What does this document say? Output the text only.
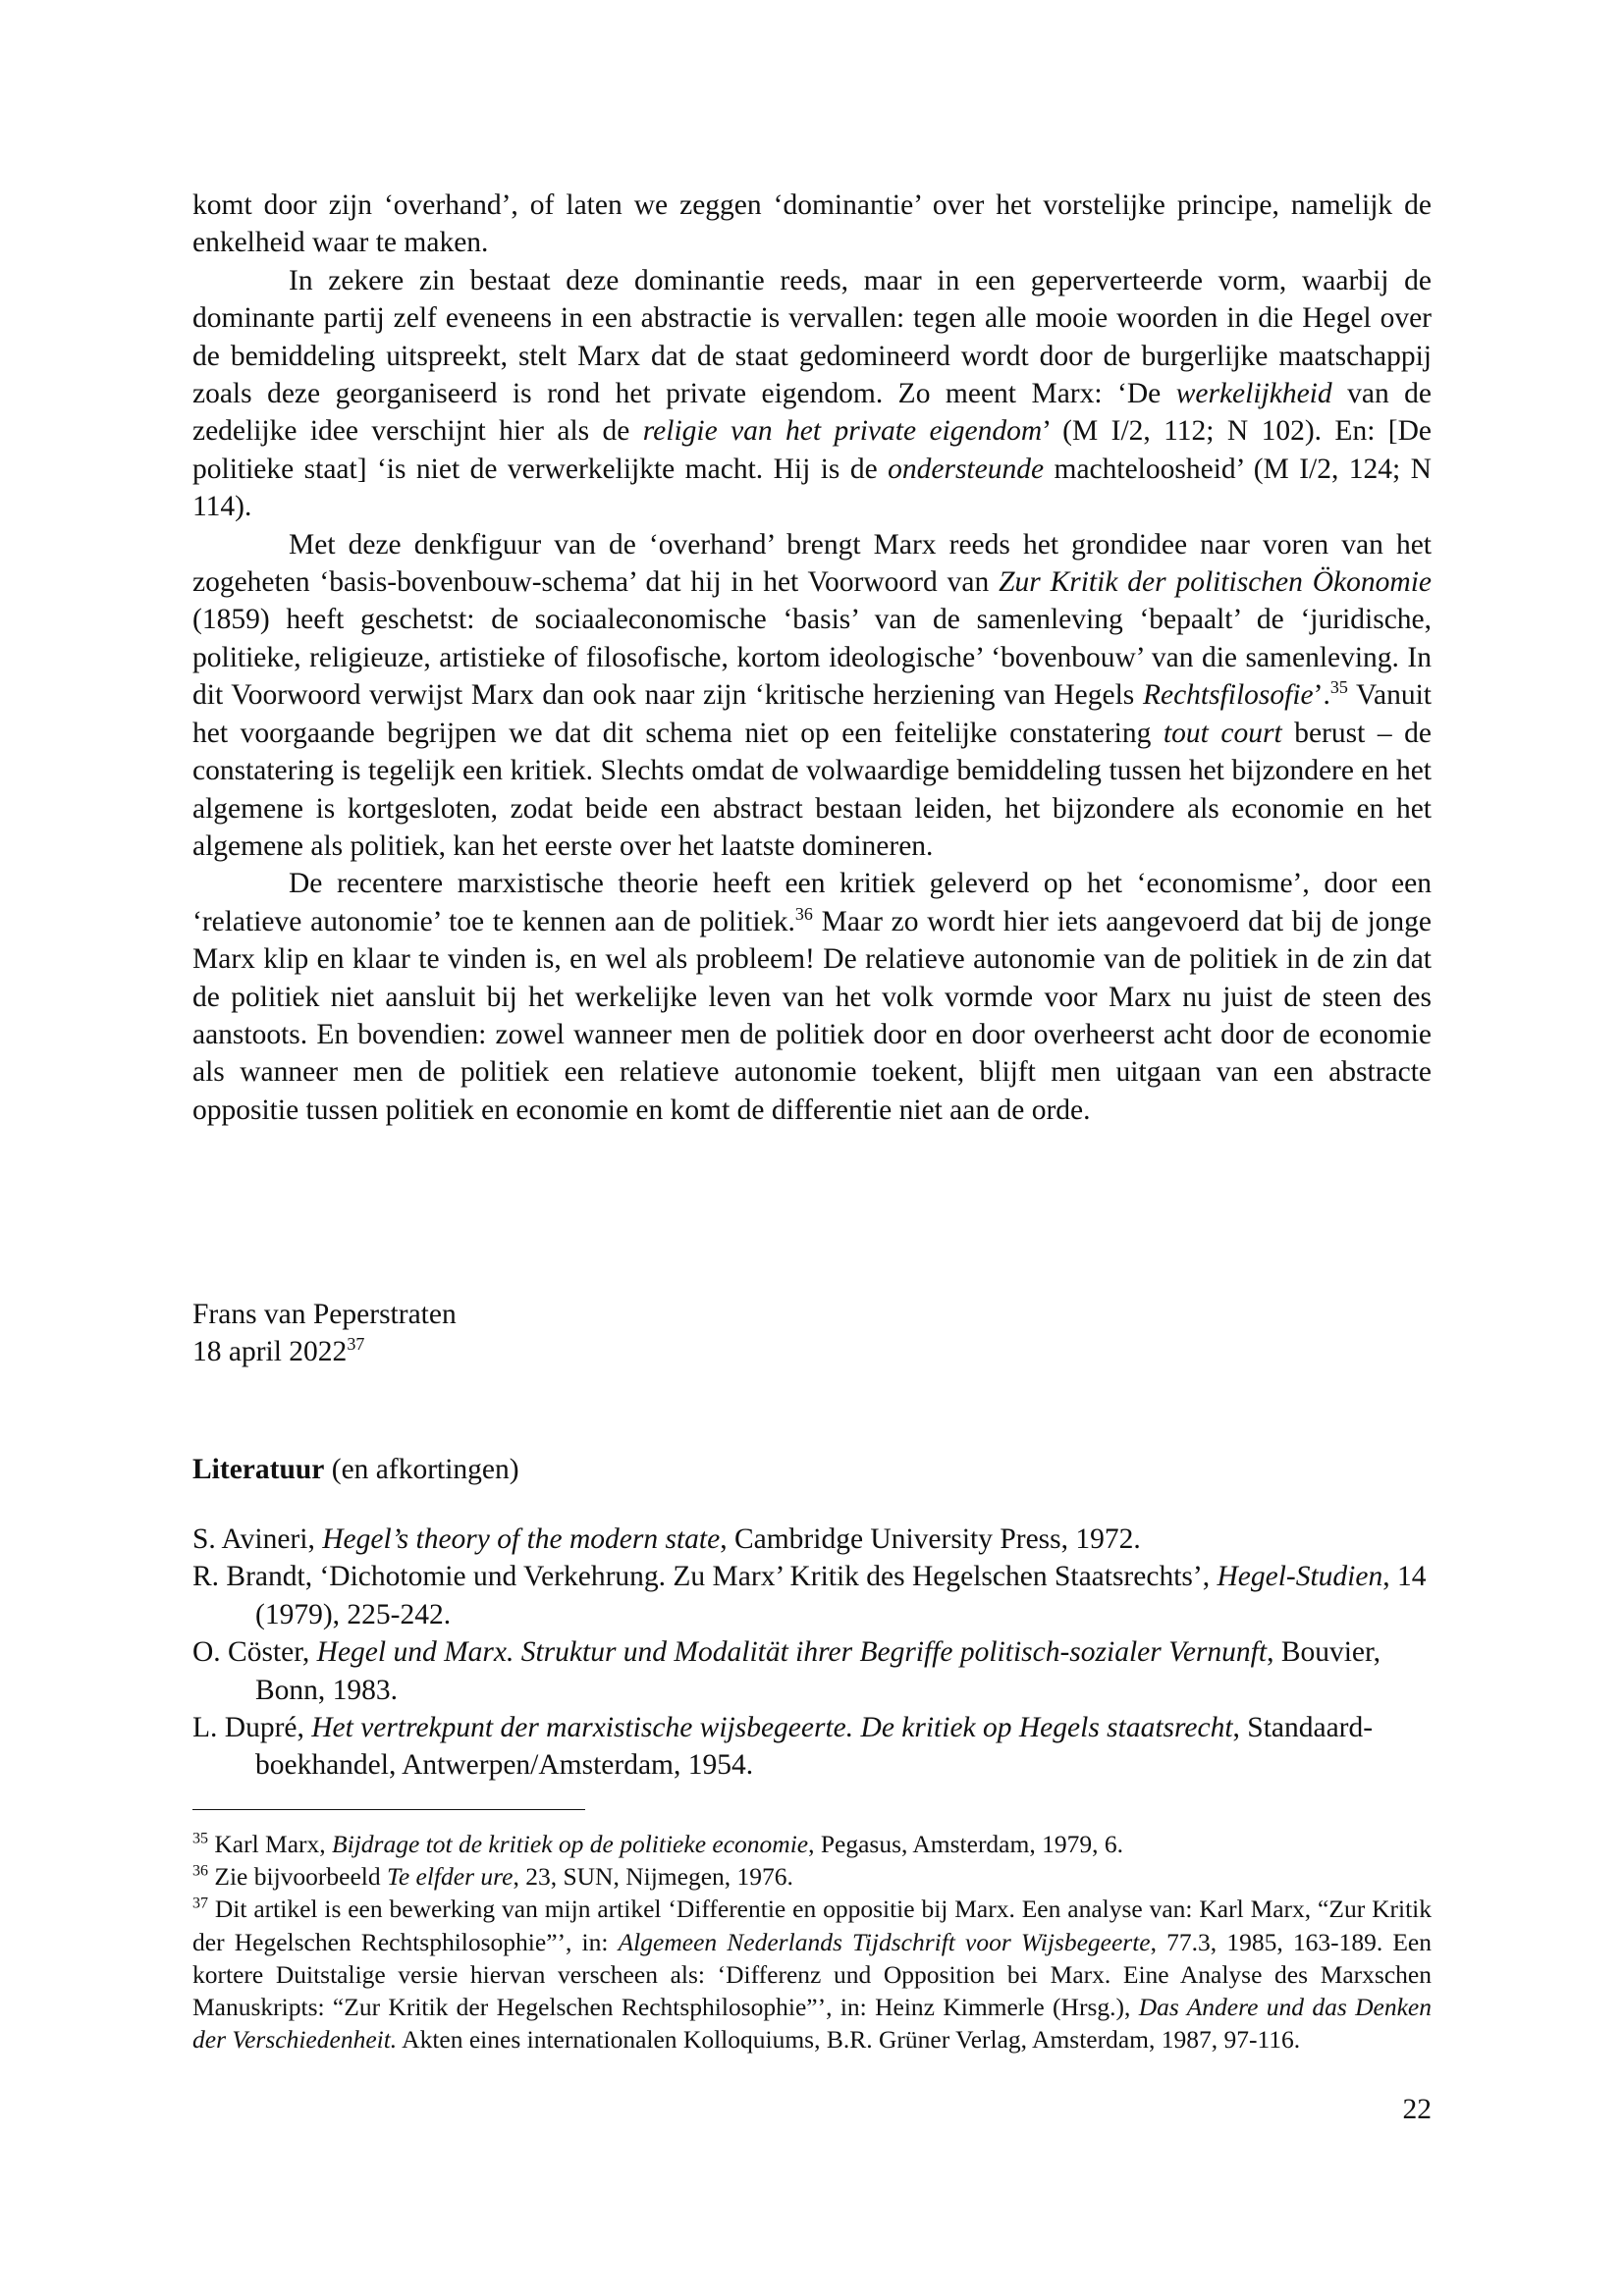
komt door zijn ‘overhand’, of laten we zeggen ‘dominantie’ over het vorstelijke principe, namelijk de enkelheid waar te maken.

In zekere zin bestaat deze dominantie reeds, maar in een geperverteerde vorm, waarbij de dominante partij zelf eveneens in een abstractie is vervallen: tegen alle mooie woorden in die Hegel over de bemiddeling uitspreekt, stelt Marx dat de staat gedomineerd wordt door de burgerlijke maatschappij zoals deze georganiseerd is rond het private eigendom. Zo meent Marx: ‘De werkelijkheid van de zedelijke idee verschijnt hier als de religie van het private eigendom’ (M I/2, 112; N 102). En: [De politieke staat] ‘is niet de verwerkelijkte macht. Hij is de ondersteunde machteloosheid’ (M I/2, 124; N 114).

Met deze denkfiguur van de ‘overhand’ brengt Marx reeds het grondidee naar voren van het zogeheten ‘basis-bovenbouw-schema’ dat hij in het Voorwoord van Zur Kritik der politischen Ökonomie (1859) heeft geschetst: de sociaaleconomische ‘basis’ van de samenleving ‘bepaalt’ de ‘juridische, politieke, religieuze, artistieke of filosofische, kortom ideologische’ ‘bovenbouw’ van die samenleving. In dit Voorwoord verwijst Marx dan ook naar zijn ‘kritische herziening van Hegels Rechtsfilosofie’.$^{35}$ Vanuit het voorgaande begrijpen we dat dit schema niet op een feitelijke constatering tout court berust – de constatering is tegelijk een kritiek. Slechts omdat de volwaardige bemiddeling tussen het bijzondere en het algemene is kortgesloten, zodat beide een abstract bestaan leiden, het bijzondere als economie en het algemene als politiek, kan het eerste over het laatste domineren.

De recentere marxistische theorie heeft een kritiek geleverd op het ‘economisme’, door een ‘relatieve autonomie’ toe te kennen aan de politiek.$^{36}$ Maar zo wordt hier iets aangevoerd dat bij de jonge Marx klip en klaar te vinden is, en wel als probleem! De relatieve autonomie van de politiek in de zin dat de politiek niet aansluit bij het werkelijke leven van het volk vormde voor Marx nu juist de steen des aanstoots. En bovendien: zowel wanneer men de politiek door en door overheerst acht door de economie als wanneer men de politiek een relatieve autonomie toekent, blijft men uitgaan van een abstracte oppositie tussen politiek en economie en komt de differentie niet aan de orde.

Frans van Peperstraten
18 april 2022$^{37}$
Literatuur (en afkortingen)
S. Avineri, Hegel’s theory of the modern state, Cambridge University Press, 1972.
R. Brandt, ‘Dichotomie und Verkehrung. Zu Marx’ Kritik des Hegelschen Staatsrechts’, Hegel-Studien, 14 (1979), 225-242.
O. Cöster, Hegel und Marx. Struktur und Modalität ihrer Begriffe politisch-sozialer Vernunft, Bouvier, Bonn, 1983.
L. Dupré, Het vertrekpunt der marxistische wijsbegeerte. De kritiek op Hegels staatsrecht, Standaard-boekhandel, Antwerpen/Amsterdam, 1954.

$^{35}$ Karl Marx, Bijdrage tot de kritiek op de politieke economie, Pegasus, Amsterdam, 1979, 6.

$^{36}$ Zie bijvoorbeeld Te elfder ure, 23, SUN, Nijmegen, 1976.

$^{37}$ Dit artikel is een bewerking van mijn artikel ‘Differentie en oppositie bij Marx. Een analyse van: Karl Marx, “Zur Kritik der Hegelschen Rechtsphilosophie”’, in: Algemeen Nederlands Tijdschrift voor Wijsbegeerte, 77.3, 1985, 163-189. Een kortere Duitstalige versie hiervan verscheen als: ‘Differenz und Opposition bei Marx. Eine Analyse des Marxschen Manuskripts: “Zur Kritik der Hegelschen Rechtsphilosophie”’, in: Heinz Kimmerle (Hrsg.), Das Andere und das Denken der Verschiedenheit. Akten eines internationalen Kolloquiums, B.R. Grüner Verlag, Amsterdam, 1987, 97-116.

22
